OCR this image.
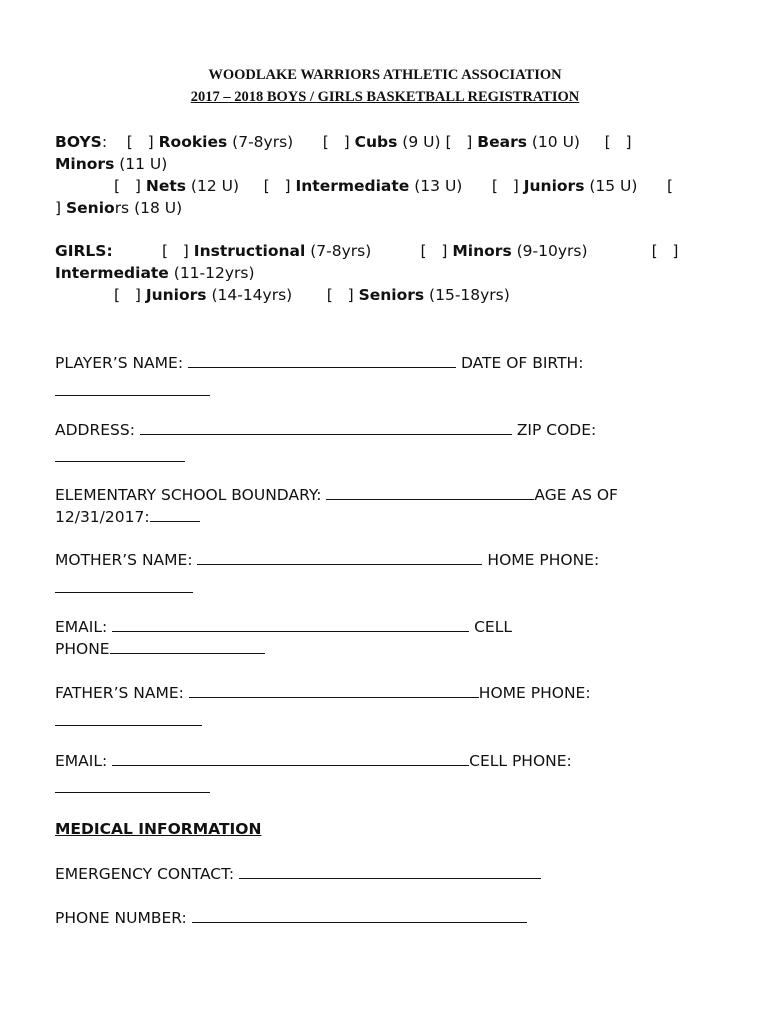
WOODLAKE WARRIORS ATHLETIC ASSOCIATION
2017 – 2018 BOYS / GIRLS BASKETBALL REGISTRATION
BOYS: [ ] Rookies (7-8yrs) [ ] Cubs (9 U) [ ] Bears (10 U) [ ]
Minors (11 U)
[ ] Nets (12 U) [ ] Intermediate (13 U) [ ] Juniors (15 U) [
] Seniors (18 U)
GIRLS:	[ ] Instructional (7-8yrs)	[ ] Minors (9-10yrs)	[ ]
Intermediate (11-12yrs)
[ ] Juniors (14-14yrs) [ ] Seniors (15-18yrs)
PLAYER’S NAME:	DATE OF BIRTH:
ADDRESS:	ZIP CODE:
ELEMENTARY SCHOOL BOUNDARY:	AGE AS OF
12/31/2017:
MOTHER’S NAME:	HOME PHONE:
EMAIL:	CELL
PHONE
FATHER’S NAME:	HOME PHONE:
EMAIL:	CELL PHONE:
MEDICAL INFORMATION
EMERGENCY CONTACT:
PHONE NUMBER:
